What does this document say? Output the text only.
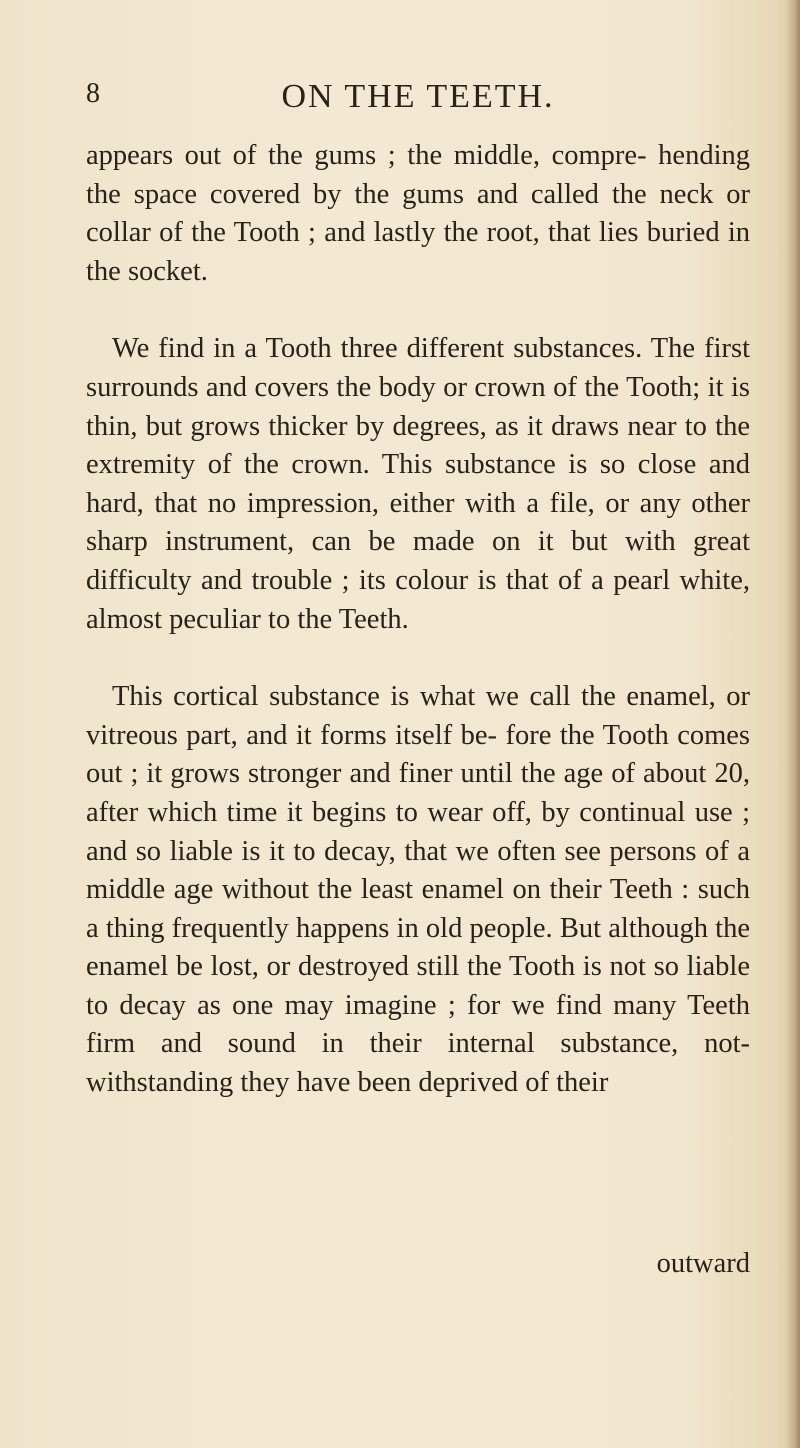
8	ON THE TEETH.

appears out of the gums ; the middle, compre- hending the space covered by the gums and called the neck or collar of the Tooth ; and lastly the root, that lies buried in the socket.

We find in a Tooth three different substances. The first surrounds and covers the body or crown of the Tooth; it is thin, but grows thicker by degrees, as it draws near to the extremity of the crown. This substance is so close and hard, that no impression, either with a file, or any other sharp instrument, can be made on it but with great difficulty and trouble ; its colour is that of a pearl white, almost peculiar to the Teeth.

This cortical substance is what we call the enamel, or vitreous part, and it forms itself be- fore the Tooth comes out ; it grows stronger and finer until the age of about 20, after which time it begins to wear off, by continual use ; and so liable is it to decay, that we often see persons of a middle age without the least enamel on their Teeth : such a thing frequently happens in old people. But although the enamel be lost, or destroyed still the Tooth is not so liable to decay as one may imagine ; for we find many Teeth firm and sound in their internal substance, not- withstanding they have been deprived of their

outward
